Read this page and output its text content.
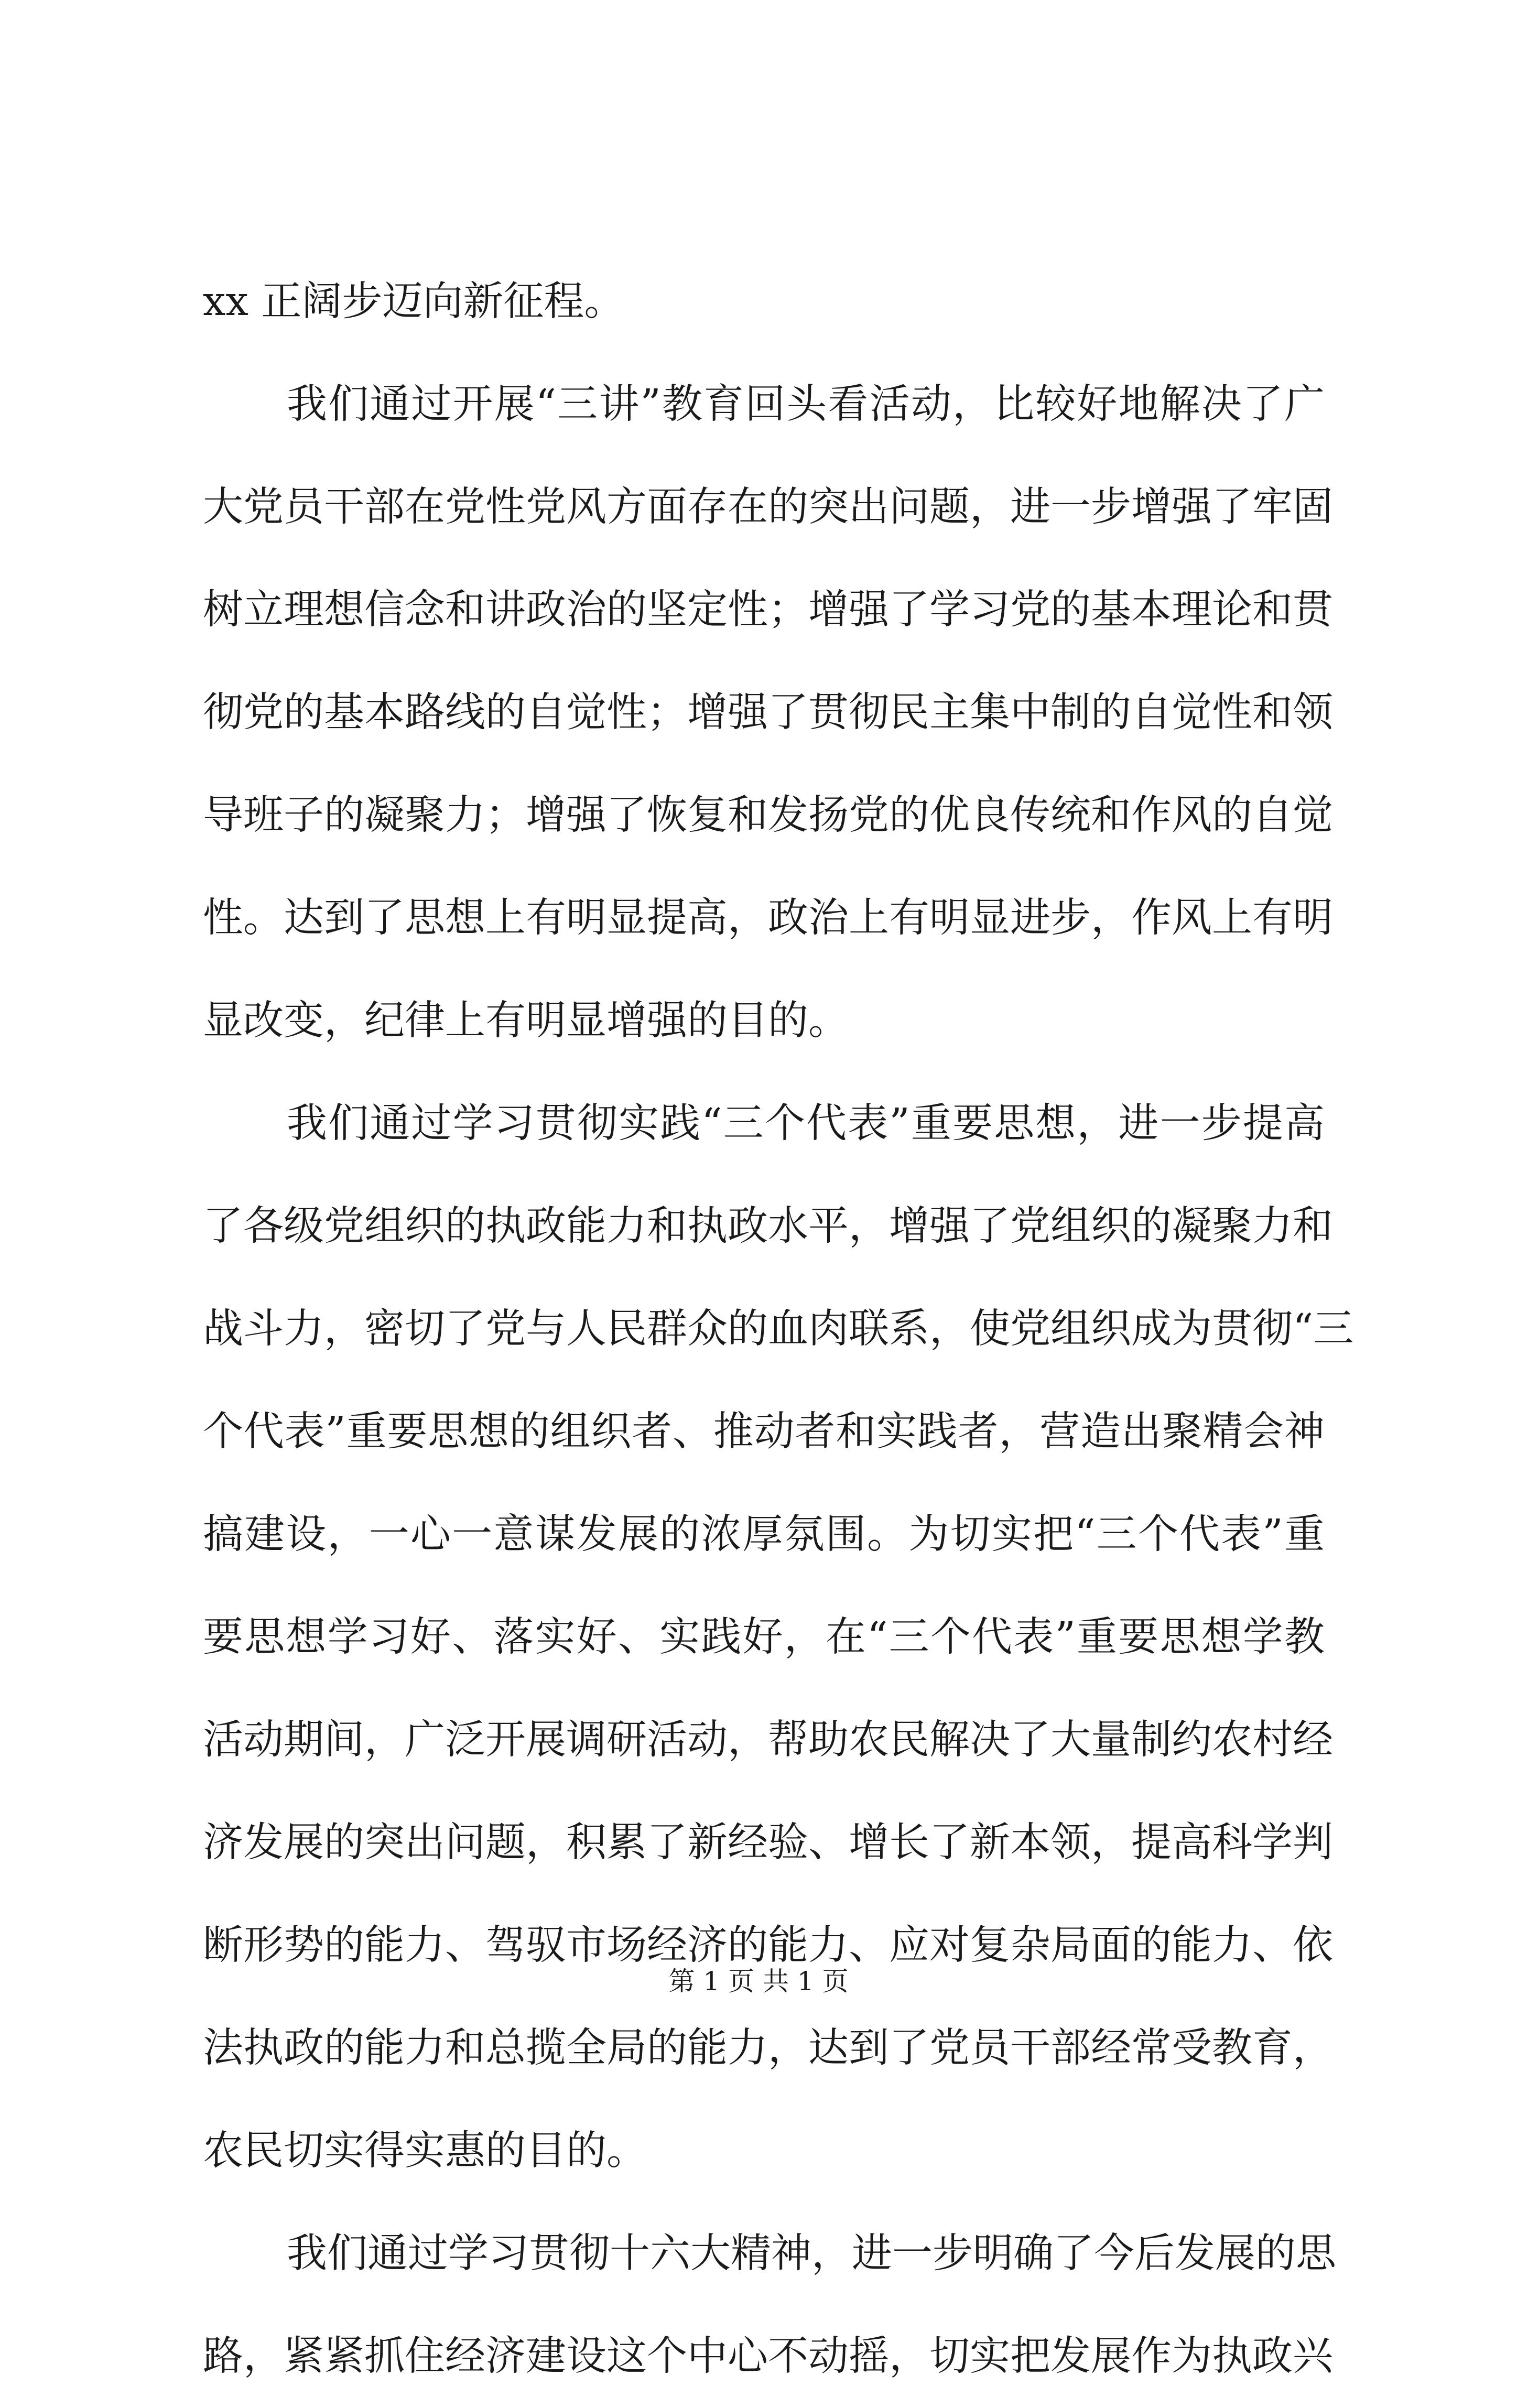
xx 正阔步迈向新征程。
我们通过开展“三讲”教育回头看活动，比较好地解决了广
大党员干部在党性党风方面存在的突出问题，进一步增强了牢固
树立理想信念和讲政治的坚定性；增强了学习党的基本理论和贯
彻党的基本路线的自觉性；增强了贯彻民主集中制的自觉性和领
导班子的凝聚力；增强了恢复和发扬党的优良传统和作风的自觉
性。达到了思想上有明显提高，政治上有明显进步，作风上有明
显改变，纪律上有明显增强的目的。
我们通过学习贯彻实践“三个代表”重要思想，进一步提高
了各级党组织的执政能力和执政水平，增强了党组织的凝聚力和
战斗力，密切了党与人民群众的血肉联系，使党组织成为贯彻“三
个代表”重要思想的组织者、推动者和实践者，营造出聚精会神
搞建设，一心一意谋发展的浓厚氛围。为切实把“三个代表”重
要思想学习好、落实好、实践好，在“三个代表”重要思想学教
活动期间，广泛开展调研活动，帮助农民解决了大量制约农村经
济发展的突出问题，积累了新经验、增长了新本领，提高科学判
断形势的能力、驾驭市场经济的能力、应对复杂局面的能力、依
法执政的能力和总揽全局的能力，达到了党员干部经常受教育，
农民切实得实惠的目的。
我们通过学习贯彻十六大精神，进一步明确了今后发展的思
路，紧紧抓住经济建设这个中心不动摇，切实把发展作为执政兴
第 1 页 共 1 页
